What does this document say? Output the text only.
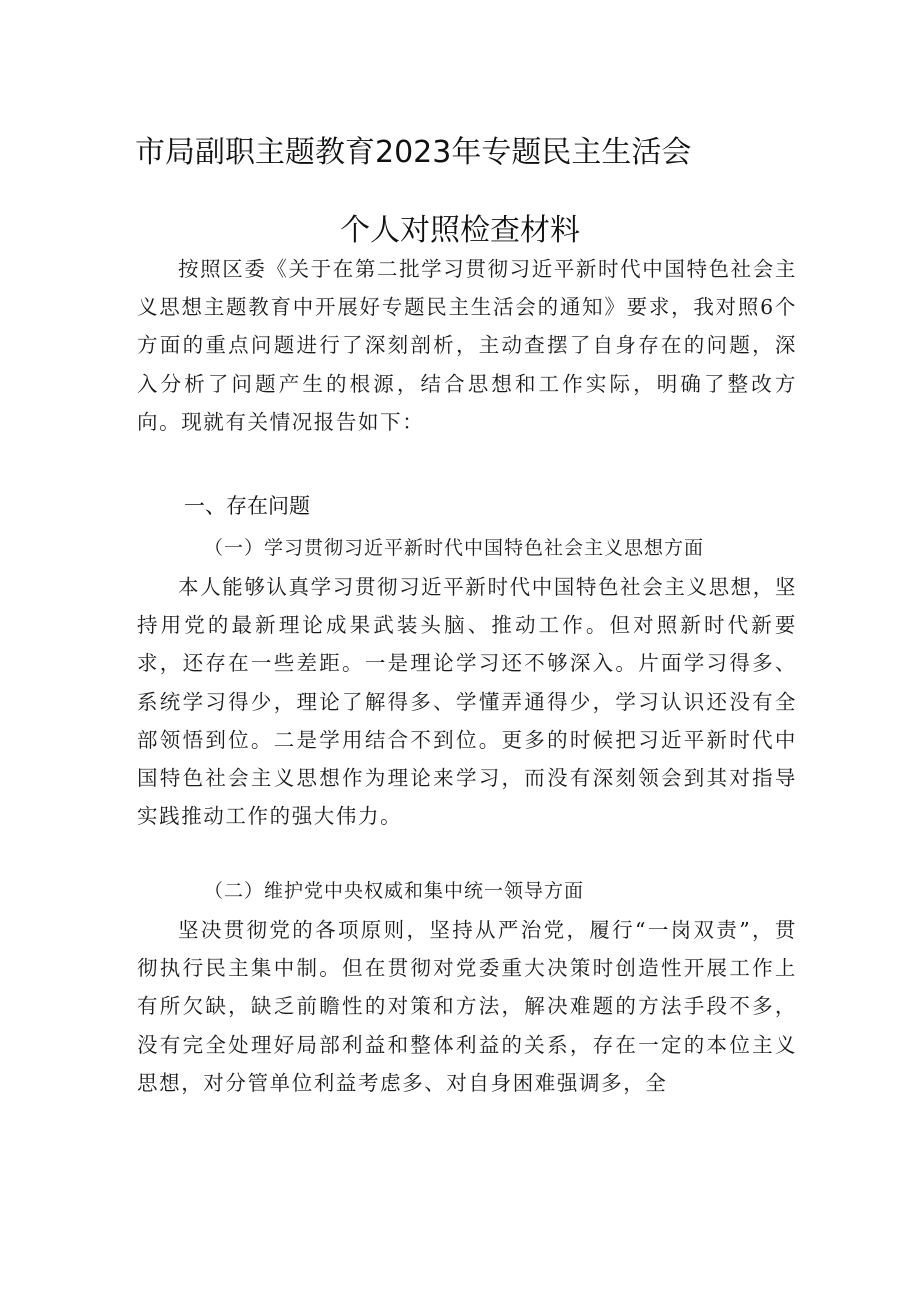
市局副职主题教育2023年专题民主生活会
个人对照检查材料

按照区委《关于在第二批学习贯彻习近平新时代中国特色社会主义思想主题教育中开展好专题民主生活会的通知》要求，我对照6个方面的重点问题进行了深刻剖析，主动查摆了自身存在的问题，深入分析了问题产生的根源，结合思想和工作实际，明确了整改方向。现就有关情况报告如下：

一、存在问题
（一）学习贯彻习近平新时代中国特色社会主义思想方面

本人能够认真学习贯彻习近平新时代中国特色社会主义思想，坚持用党的最新理论成果武装头脑、推动工作。但对照新时代新要求，还存在一些差距。一是理论学习还不够深入。片面学习得多、系统学习得少，理论了解得多、学懂弄通得少，学习认识还没有全部领悟到位。二是学用结合不到位。更多的时候把习近平新时代中国特色社会主义思想作为理论来学习，而没有深刻领会到其对指导实践推动工作的强大伟力。

（二）维护党中央权威和集中统一领导方面

坚决贯彻党的各项原则，坚持从严治党，履行“一岗双责”，贯彻执行民主集中制。但在贯彻对党委重大决策时创造性开展工作上有所欠缺，缺乏前瞻性的对策和方法，解决难题的方法手段不多，没有完全处理好局部利益和整体利益的关系，存在一定的本位主义思想，对分管单位利益考虑多、对自身困难强调多，全
